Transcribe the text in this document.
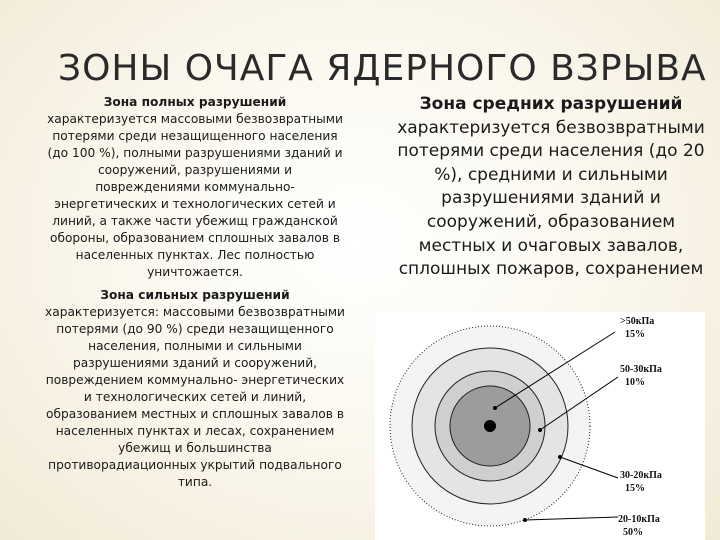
ЗОНЫ ОЧАГА ЯДЕРНОГО ВЗРЫВА

Зона полных разрушений
характеризуется массовыми безвозвратными потерями среди незащищенного населения (до 100 %), полными разрушениями зданий и сооружений, разрушениями и повреждениями коммунально-энергетических и технологических сетей и линий, а также части убежищ гражданской обороны, образованием сплошных завалов в населенных пунктах. Лес полностью уничтожается.

Зона сильных разрушений
характеризуется: массовыми безвозвратными потерями (до 90 %) среди незащищенного населения, полными и сильными разрушениями зданий и сооружений, повреждением коммунально- энергетических и технологических сетей и линий, образованием местных и сплошных завалов в населенных пунктах и лесах, сохранением убежищ и большинства противорадиационных укрытий подвального типа.

Зона средних разрушений
характеризуется безвозвратными потерями среди населения (до 20 %), средними и сильными разрушениями зданий и сооружений, образованием местных и очаговых завалов, сплошных пожаров, сохранением
>50кПа
15%
50-30кПа
10%
30-20кПа
15%
20-10кПа
50%
